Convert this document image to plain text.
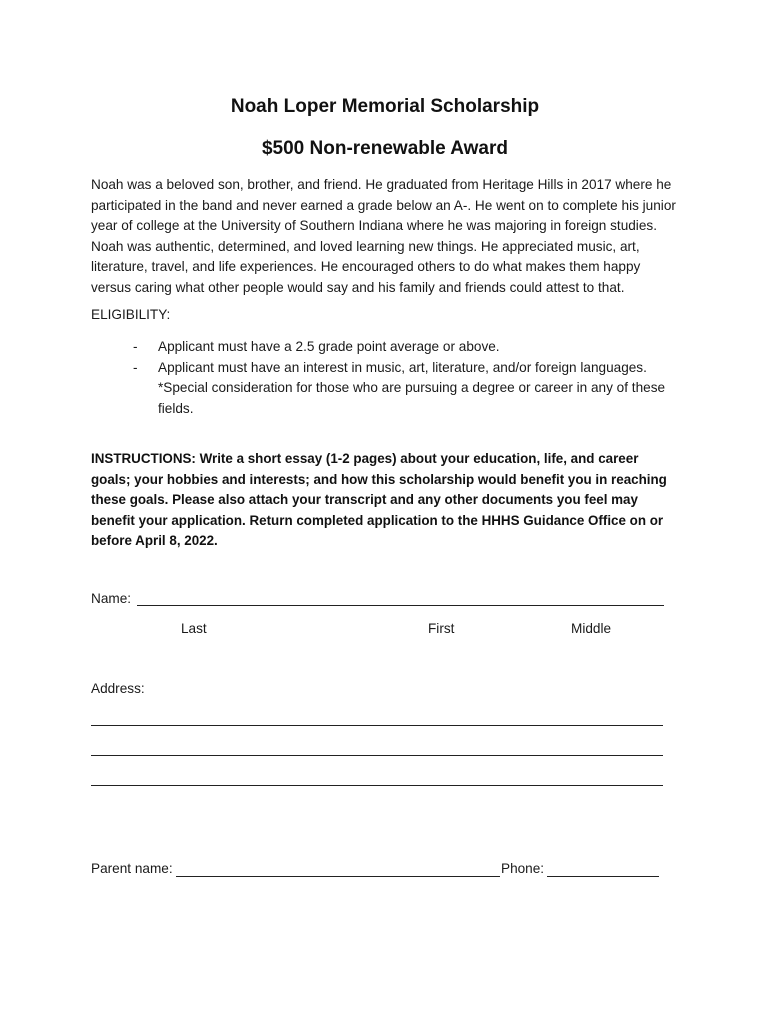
Noah Loper Memorial Scholarship
$500 Non-renewable Award
Noah was a beloved son, brother, and friend. He graduated from Heritage Hills in 2017 where he participated in the band and never earned a grade below an A-. He went on to complete his junior year of college at the University of Southern Indiana where he was majoring in foreign studies. Noah was authentic, determined, and loved learning new things. He appreciated music, art, literature, travel, and life experiences. He encouraged others to do what makes them happy versus caring what other people would say and his family and friends could attest to that.
ELIGIBILITY:
- Applicant must have a 2.5 grade point average or above.
- Applicant must have an interest in music, art, literature, and/or foreign languages. *Special consideration for those who are pursuing a degree or career in any of these fields.
INSTRUCTIONS: Write a short essay (1-2 pages) about your education, life, and career goals; your hobbies and interests; and how this scholarship would benefit you in reaching these goals. Please also attach your transcript and any other documents you feel may benefit your application. Return completed application to the HHHS Guidance Office on or before April 8, 2022.
Name:
Last	First	Middle
Address:
Parent name:	Phone:
